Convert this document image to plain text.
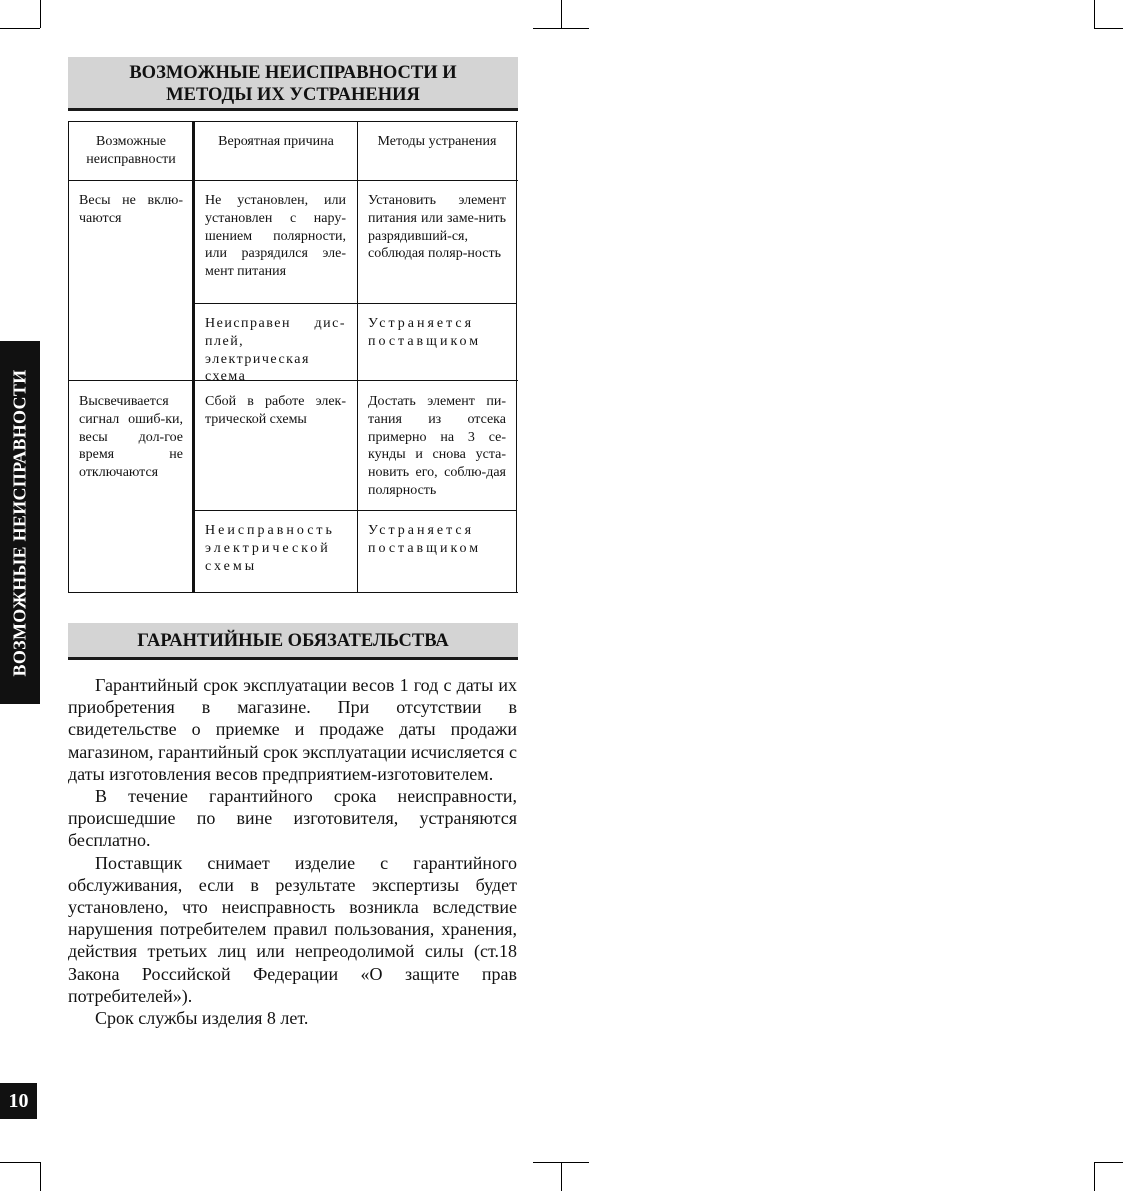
ВОЗМОЖНЫЕ НЕИСПРАВНОСТИ И
МЕТОДЫ ИХ УСТРАНЕНИЯ
Возможные неисправности
Вероятная причина	Методы устранения
Весы не вклю-чаются
Не установлен, или установлен с нару-шением полярности, или разрядился эле-мент питания
Установить элемент питания или заме-нить разрядивший-ся, соблюдая поляр-ность
Неисправен дис-плей, электрическая схема
Устраняется поставщиком
Высвечивается сигнал ошиб-ки, весы дол-гое время не отключаются
Сбой в работе элек-трической схемы
Достать элемент пи-тания из отсека примерно на 3 се-кунды и снова уста-новить его, соблю-дая полярность
Неисправность электрической схемы
Устраняется поставщиком
ГАРАНТИЙНЫЕ ОБЯЗАТЕЛЬСТВА

Гарантийный срок эксплуатации весов 1 год с даты их приобретения в магазине. При отсутствии в свидетельстве о приемке и продаже даты продажи магазином, гарантийный срок эксплуатации исчисляется с даты изготовления весов предприятием-изготовителем.

В течение гарантийного срока неисправности, происшедшие по вине изготовителя, устраняются бесплатно.

Поставщик снимает изделие с гарантийного обслуживания, если в результате экспертизы будет установлено, что неисправность возникла вследствие нарушения потребителем правил пользования, хранения, действия третьих лиц или непреодолимой силы (ст.18 Закона Российской Федерации «О защите прав потребителей»).

Срок службы изделия 8 лет.

ВОЗМОЖНЫЕ НЕИСПРАВНОСТИ
10
